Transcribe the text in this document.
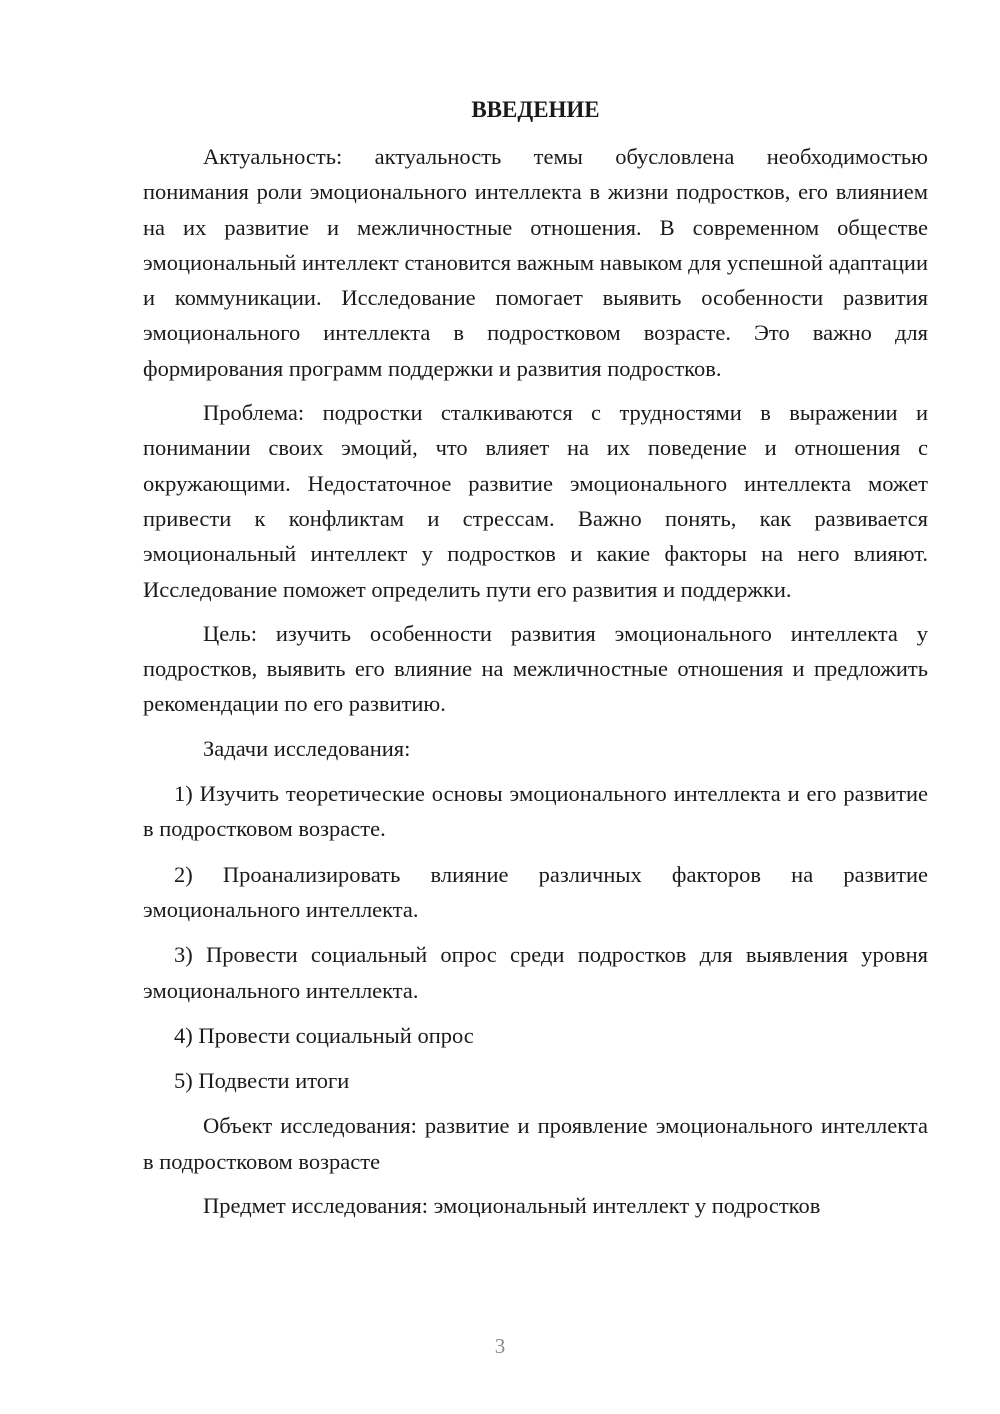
ВВЕДЕНИЕ

Актуальность: актуальность темы обусловлена необходимостью понимания роли эмоционального интеллекта в жизни подростков, его влиянием на их развитие и межличностные отношения. В современном обществе эмоциональный интеллект становится важным навыком для успешной адаптации и коммуникации. Исследование помогает выявить особенности развития эмоционального интеллекта в подростковом возрасте. Это важно для формирования программ поддержки и развития подростков.

Проблема: подростки сталкиваются с трудностями в выражении и понимании своих эмоций, что влияет на их поведение и отношения с окружающими. Недостаточное развитие эмоционального интеллекта может привести к конфликтам и стрессам. Важно понять, как развивается эмоциональный интеллект у подростков и какие факторы на него влияют. Исследование поможет определить пути его развития и поддержки.

Цель: изучить особенности развития эмоционального интеллекта у подростков, выявить его влияние на межличностные отношения и предложить рекомендации по его развитию.

Задачи исследования:

1) Изучить теоретические основы эмоционального интеллекта и его развитие в подростковом возрасте.

2) Проанализировать влияние различных факторов на развитие эмоционального интеллекта.

3) Провести социальный опрос среди подростков для выявления уровня эмоционального интеллекта.

4) Провести социальный опрос

5) Подвести итоги

Объект исследования: развитие и проявление эмоционального интеллекта в подростковом возрасте

Предмет исследования: эмоциональный интеллект у подростков

3
